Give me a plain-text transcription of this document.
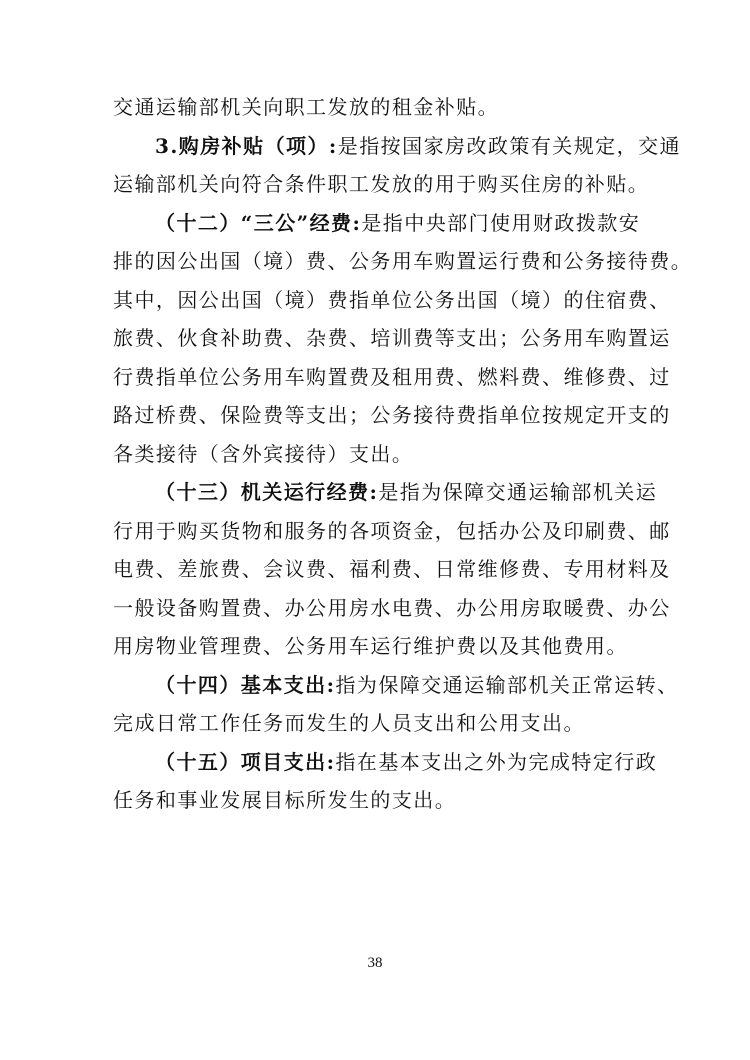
交通运输部机关向职工发放的租金补贴。
3.购房补贴（项）:是指按国家房改政策有关规定，交通
运输部机关向符合条件职工发放的用于购买住房的补贴。
（十二）“三公”经费:是指中央部门使用财政拨款安
排的因公出国（境）费、公务用车购置运行费和公务接待费。
其中，因公出国（境）费指单位公务出国（境）的住宿费、
旅费、伙食补助费、杂费、培训费等支出；公务用车购置运
行费指单位公务用车购置费及租用费、燃料费、维修费、过
路过桥费、保险费等支出；公务接待费指单位按规定开支的
各类接待（含外宾接待）支出。
（十三）机关运行经费:是指为保障交通运输部机关运
行用于购买货物和服务的各项资金，包括办公及印刷费、邮
电费、差旅费、会议费、福利费、日常维修费、专用材料及
一般设备购置费、办公用房水电费、办公用房取暖费、办公
用房物业管理费、公务用车运行维护费以及其他费用。
（十四）基本支出:指为保障交通运输部机关正常运转、
完成日常工作任务而发生的人员支出和公用支出。
（十五）项目支出:指在基本支出之外为完成特定行政
任务和事业发展目标所发生的支出。
38
